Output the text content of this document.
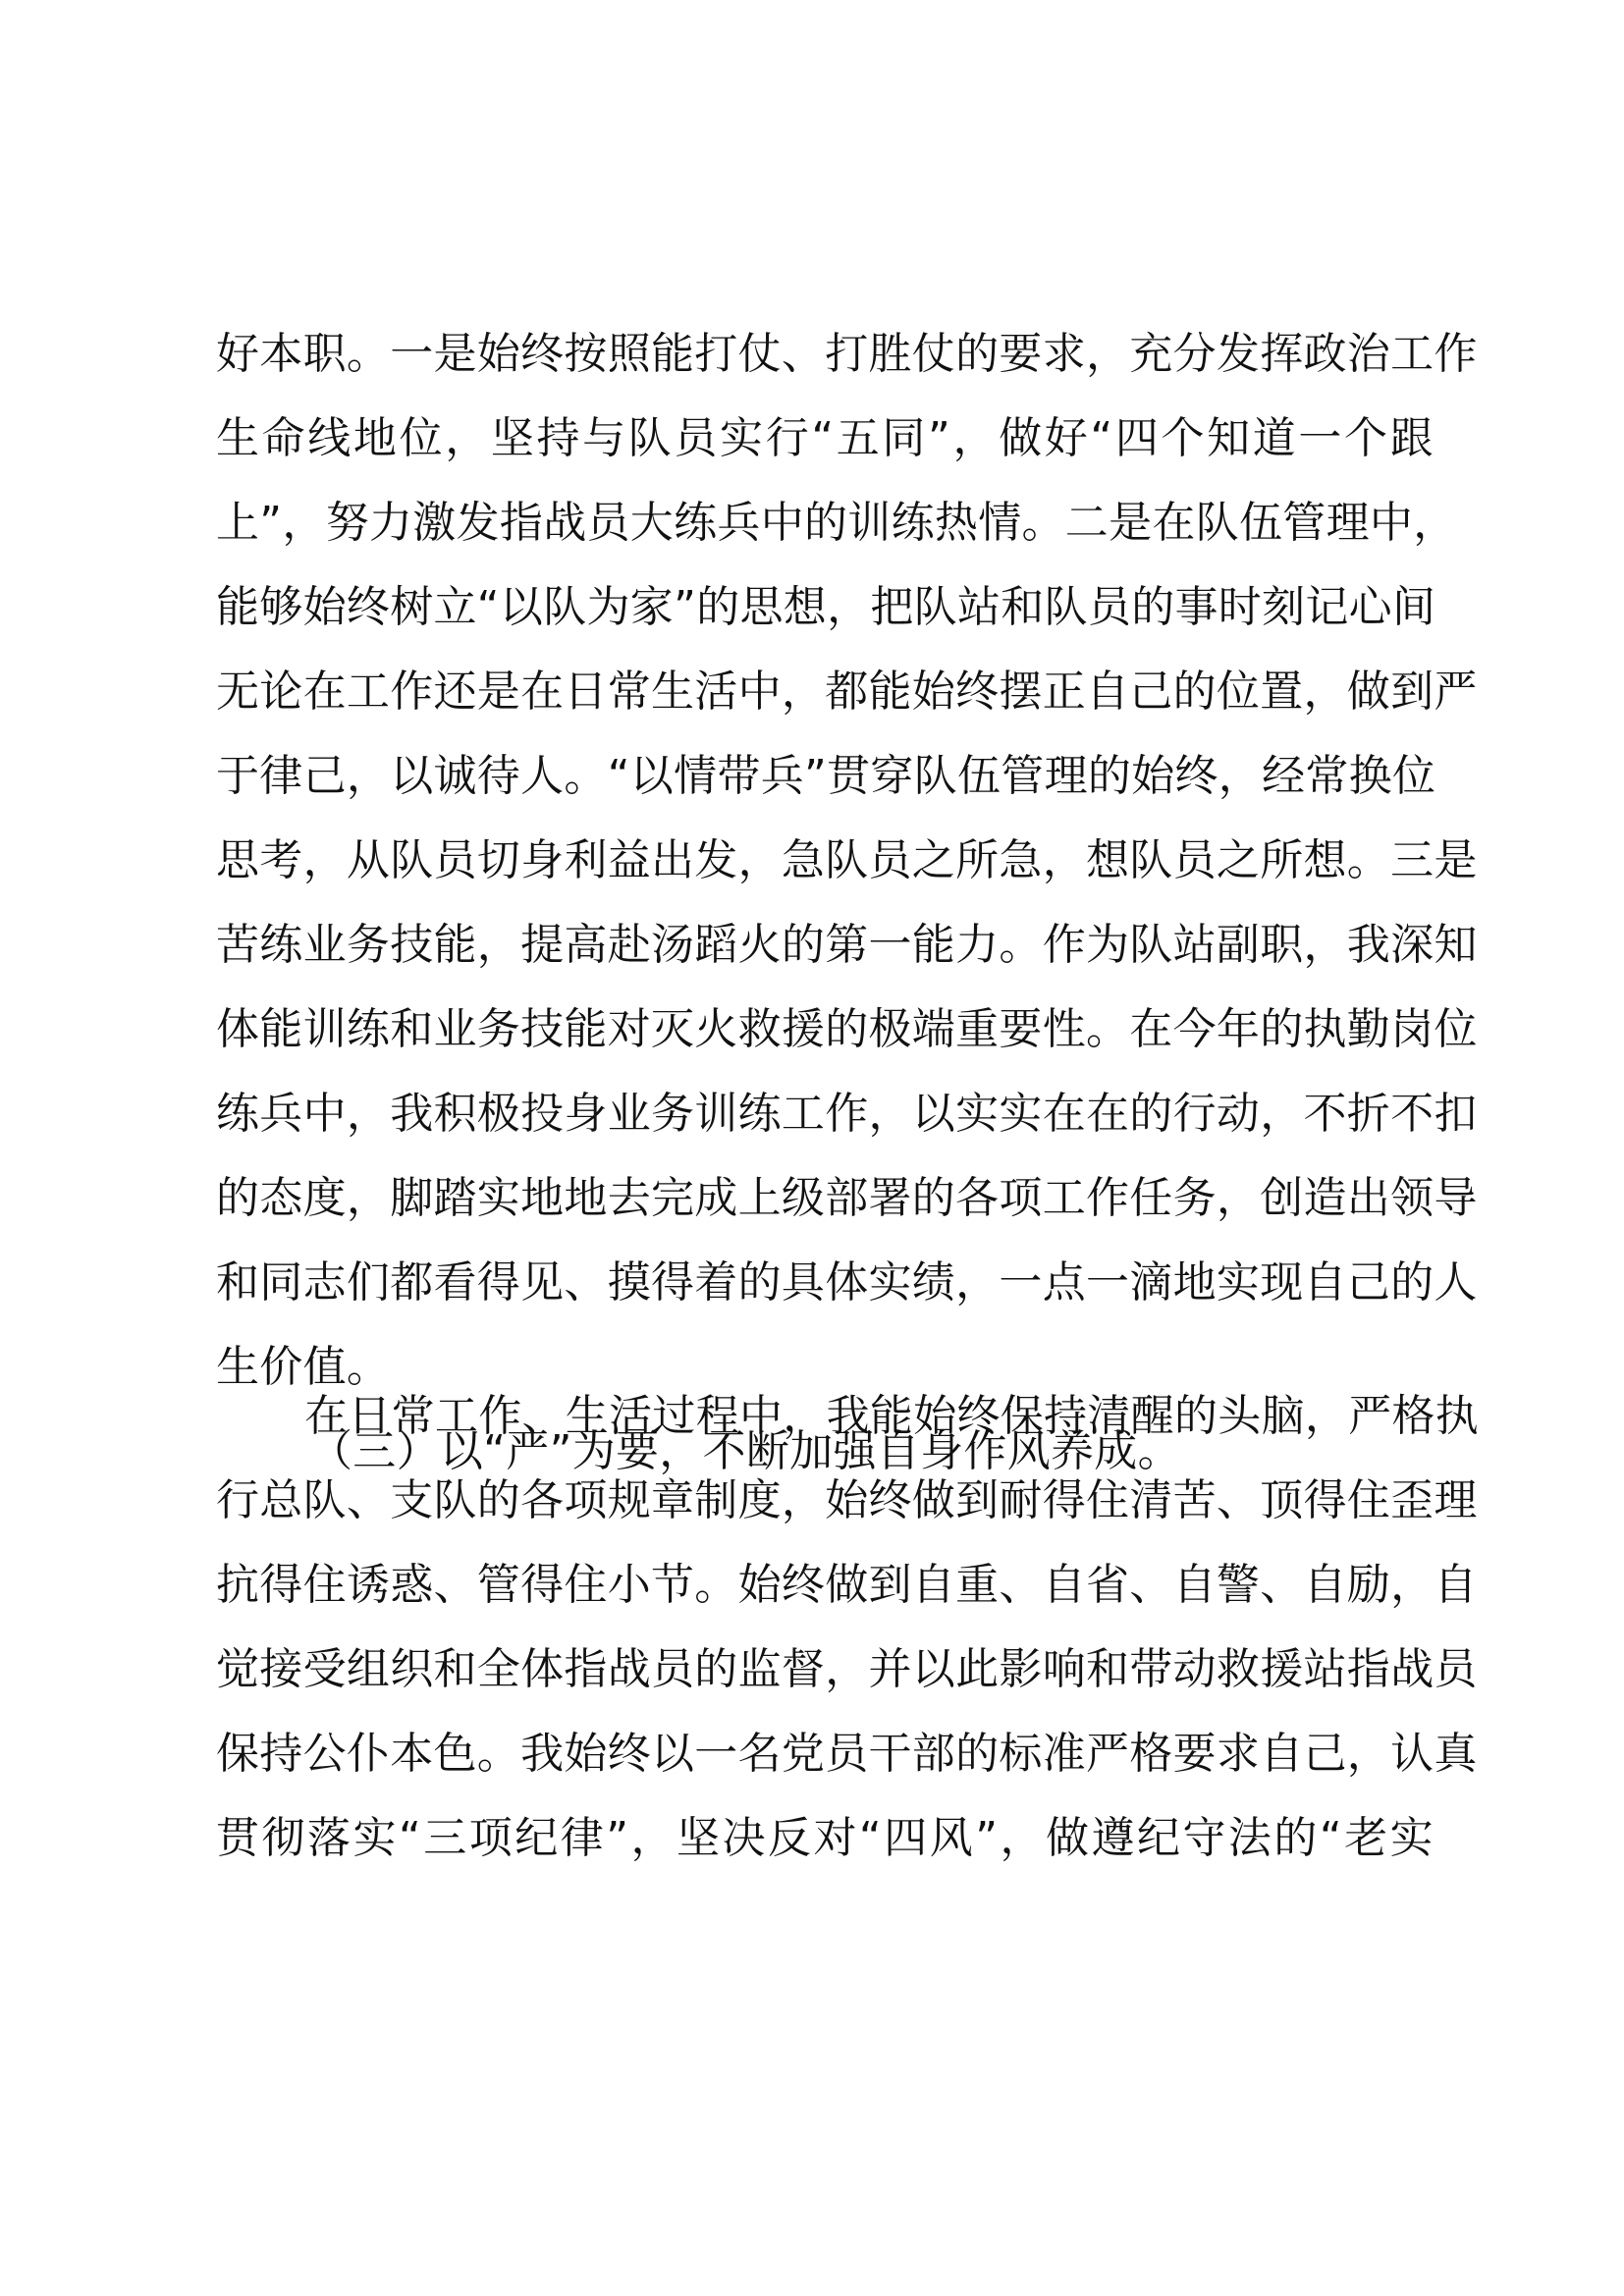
好本职。一是始终按照能打仗、打胜仗的要求，充分发挥政治工作
生命线地位，坚持与队员实行“五同”，做好“四个知道一个跟
上”，努力激发指战员大练兵中的训练热情。二是在队伍管理中，
能够始终树立“以队为家”的思想，把队站和队员的事时刻记心间
无论在工作还是在日常生活中，都能始终摆正自己的位置，做到严
于律己，以诚待人。“以情带兵”贯穿队伍管理的始终，经常换位
思考，从队员切身利益出发，急队员之所急，想队员之所想。三是
苦练业务技能，提高赴汤蹈火的第一能力。作为队站副职，我深知
体能训练和业务技能对灭火救援的极端重要性。在今年的执勤岗位
练兵中，我积极投身业务训练工作，以实实在在的行动，不折不扣
的态度，脚踏实地地去完成上级部署的各项工作任务，创造出领导
和同志们都看得见、摸得着的具体实绩，一点一滴地实现自己的人
生价值。
（三）以“严”为要，不断加强自身作风养成。
在日常工作、生活过程中，我能始终保持清醒的头脑，严格执
行总队、支队的各项规章制度，始终做到耐得住清苦、顶得住歪理
抗得住诱惑、管得住小节。始终做到自重、自省、自警、自励，自
觉接受组织和全体指战员的监督，并以此影响和带动救援站指战员
保持公仆本色。我始终以一名党员干部的标准严格要求自己，认真
贯彻落实“三项纪律”，坚决反对“四风”，做遵纪守法的“老实
